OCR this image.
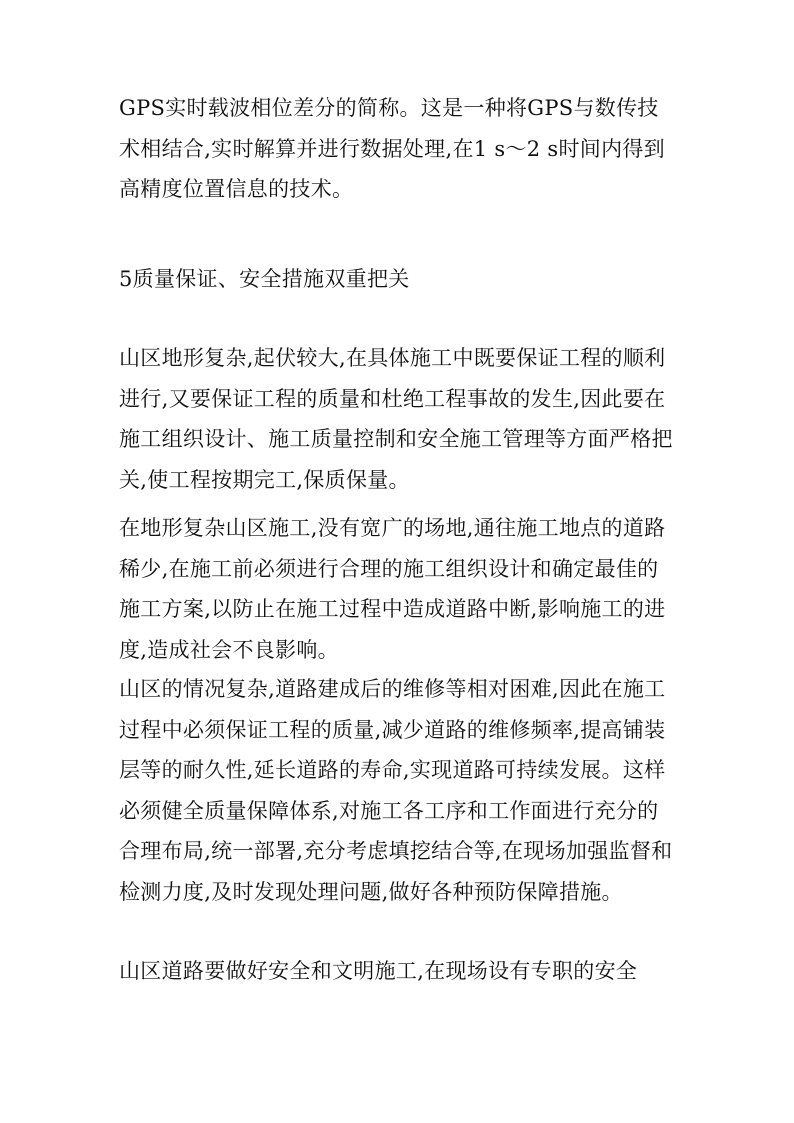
GPS实时载波相位差分的简称。这是一种将GPS与数传技术相结合,实时解算并进行数据处理,在1 s～2 s时间内得到高精度位置信息的技术。

5质量保证、安全措施双重把关

山区地形复杂,起伏较大,在具体施工中既要保证工程的顺利进行,又要保证工程的质量和杜绝工程事故的发生,因此要在施工组织设计、施工质量控制和安全施工管理等方面严格把关,使工程按期完工,保质保量。

在地形复杂山区施工,没有宽广的场地,通往施工地点的道路稀少,在施工前必须进行合理的施工组织设计和确定最佳的施工方案,以防止在施工过程中造成道路中断,影响施工的进度,造成社会不良影响。

山区的情况复杂,道路建成后的维修等相对困难,因此在施工过程中必须保证工程的质量,减少道路的维修频率,提高铺装层等的耐久性,延长道路的寿命,实现道路可持续发展。这样必须健全质量保障体系,对施工各工序和工作面进行充分的合理布局,统一部署,充分考虑填挖结合等,在现场加强监督和检测力度,及时发现处理问题,做好各种预防保障措施。

山区道路要做好安全和文明施工,在现场设有专职的安全
